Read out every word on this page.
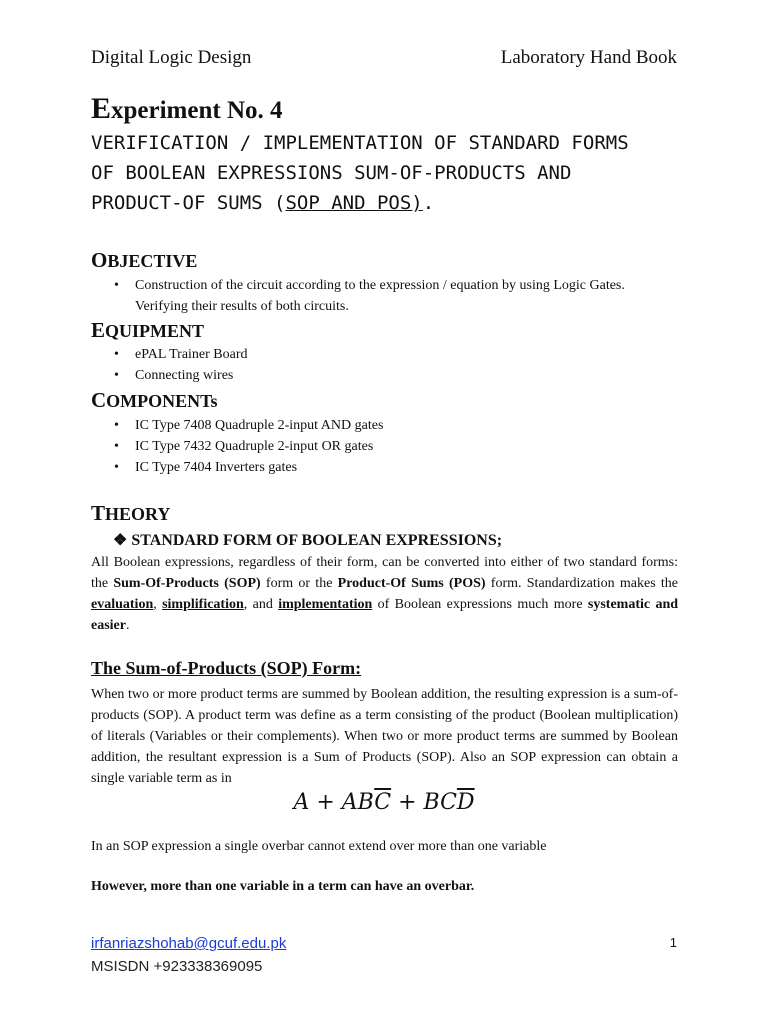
Digital Logic Design	Laboratory Hand Book
Experiment No. 4
VERIFICATION / IMPLEMENTATION OF STANDARD FORMS
OF BOOLEAN EXPRESSIONS SUM-OF-PRODUCTS AND
PRODUCT-OF SUMS (SOP AND POS).
OBJECTIVE
• Construction of the circuit according to the expression / equation by using Logic Gates. Verifying their results of both circuits.
EQUIPMENT
• ePAL Trainer Board
• Connecting wires
COMPONENTs
• IC Type 7408 Quadruple 2-input AND gates
• IC Type 7432 Quadruple 2-input OR gates
• IC Type 7404 Inverters gates
THEORY
❖ STANDARD FORM OF BOOLEAN EXPRESSIONS;
All Boolean expressions, regardless of their form, can be converted into either of two standard forms: the Sum-Of-Products (SOP) form or the Product-Of Sums (POS) form. Standardization makes the evaluation, simplification, and implementation of Boolean expressions much more systematic and easier.
The Sum-of-Products (SOP) Form:
When two or more product terms are summed by Boolean addition, the resulting expression is a sum-of-products (SOP). A product term was define as a term consisting of the product (Boolean multiplication) of literals (Variables or their complements). When two or more product terms are summed by Boolean addition, the resultant expression is a Sum of Products (SOP). Also an SOP expression can obtain a single variable term as in
$A + AB\overline{C} + BC\overline{D}$
In an SOP expression a single overbar cannot extend over more than one variable
However, more than one variable in a term can have an overbar.
irfanriazshohab@gcuf.edu.pk
MSISDN +923338369095
1
